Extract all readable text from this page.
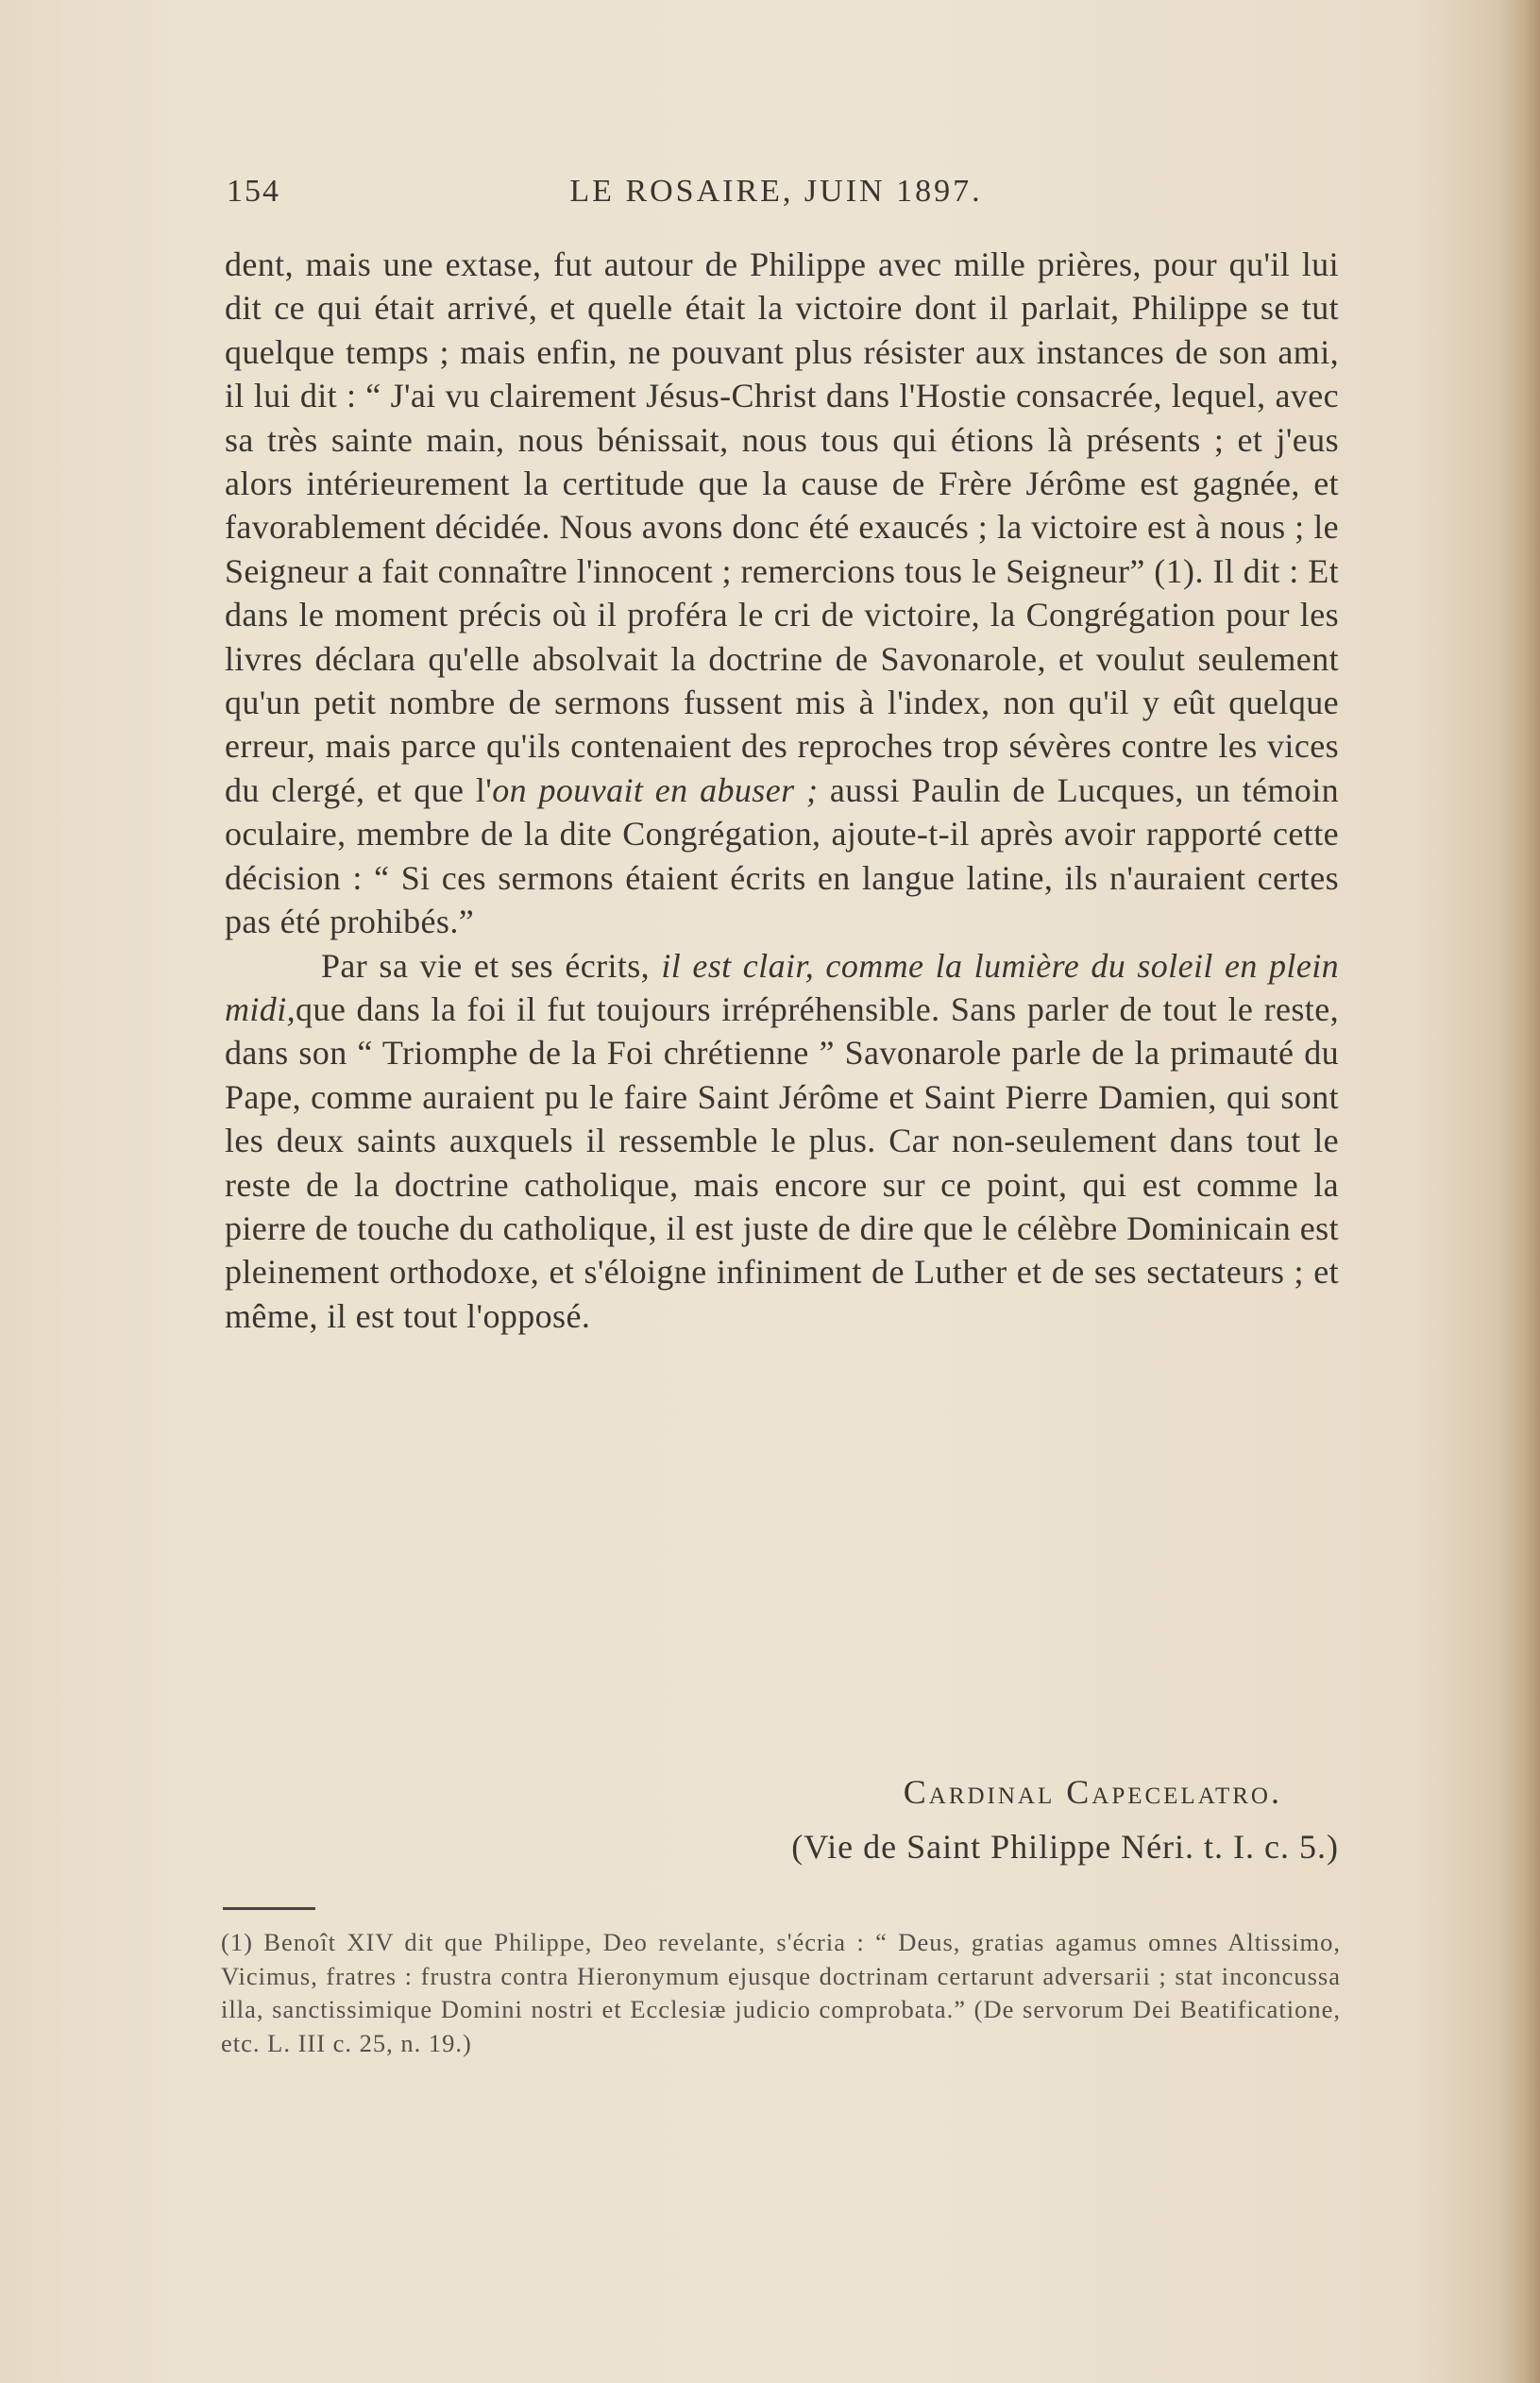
154	LE ROSAIRE, JUIN 1897.

dent, mais une extase, fut autour de Philippe avec mille prières, pour qu'il lui dit ce qui était arrivé, et quelle était la victoire dont il parlait, Philippe se tut quelque temps ; mais enfin, ne pouvant plus résister aux instances de son ami, il lui dit : “ J'ai vu clairement Jésus-Christ dans l'Hostie consacrée, lequel, avec sa très sainte main, nous bénissait, nous tous qui étions là présents ; et j'eus alors intérieurement la certitude que la cause de Frère Jérôme est gagnée, et favorablement décidée. Nous avons donc été exaucés ; la victoire est à nous ; le Seigneur a fait connaître l'innocent ; remercions tous le Seigneur” (1). Il dit : Et dans le moment précis où il proféra le cri de victoire, la Congrégation pour les livres déclara qu'elle absolvait la doctrine de Savonarole, et voulut seulement qu'un petit nombre de sermons fussent mis à l'index, non qu'il y eût quelque erreur, mais parce qu'ils contenaient des reproches trop sévères contre les vices du clergé, et que l'on pouvait en abuser ; aussi Paulin de Lucques, un témoin oculaire, membre de la dite Congrégation, ajoute-t-il après avoir rapporté cette décision : “ Si ces sermons étaient écrits en langue latine, ils n'auraient certes pas été prohibés.”

Par sa vie et ses écrits, il est clair, comme la lumière du soleil en plein midi,que dans la foi il fut toujours irrépréhensible. Sans parler de tout le reste, dans son “ Triomphe de la Foi chrétienne ” Savonarole parle de la primauté du Pape, comme auraient pu le faire Saint Jérôme et Saint Pierre Damien, qui sont les deux saints auxquels il ressemble le plus. Car non-seulement dans tout le reste de la doctrine catholique, mais encore sur ce point, qui est comme la pierre de touche du catholique, il est juste de dire que le célèbre Dominicain est pleinement orthodoxe, et s'éloigne infiniment de Luther et de ses sectateurs ; et même, il est tout l'opposé.

Cardinal Capecelatro.
(Vie de Saint Philippe Néri. t. I. c. 5.)

(1) Benoît XIV dit que Philippe, Deo revelante, s'écria : “ Deus, gratias agamus omnes Altissimo, Vicimus, fratres : frustra contra Hieronymum ejusque doctrinam certarunt adversarii ; stat inconcussa illa, sanctissimique Domini nostri et Ecclesiæ judicio comprobata.” (De servorum Dei Beatificatione, etc. L. III c. 25, n. 19.)
